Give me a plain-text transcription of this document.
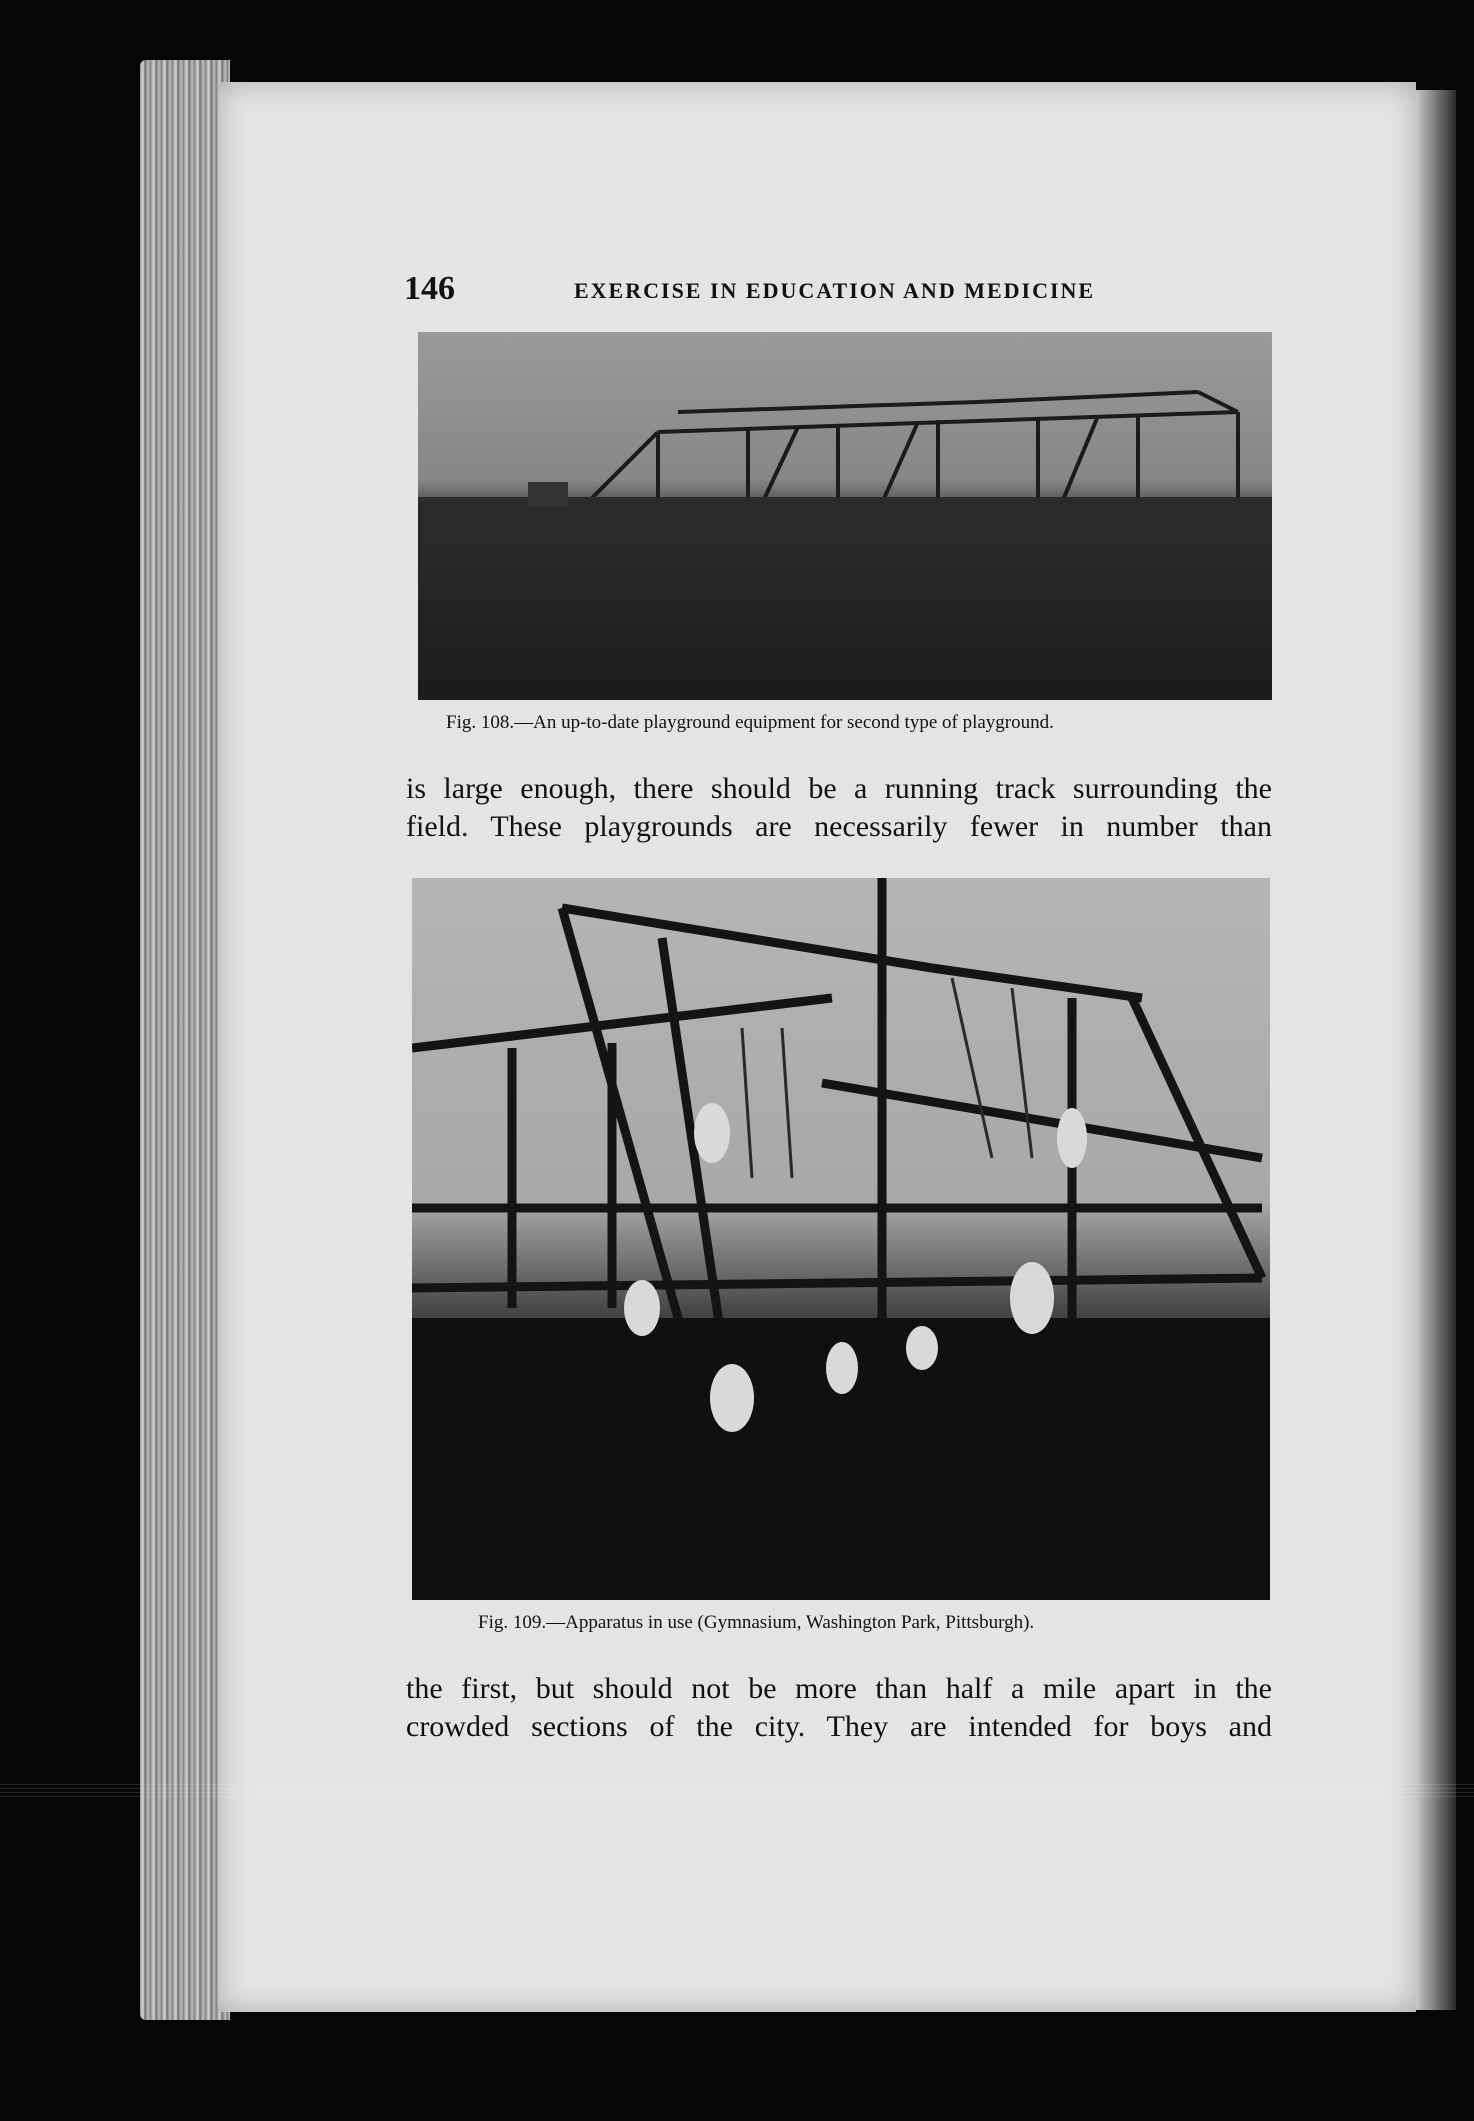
146	EXERCISE IN EDUCATION AND MEDICINE
Fig. 108.—An up-to-date playground equipment for second type of playground.
is large enough, there should be a running track surrounding the
field. These playgrounds are necessarily fewer in number than
Fig. 109.—Apparatus in use (Gymnasium, Washington Park, Pittsburgh).
the first, but should not be more than half a mile apart in the
crowded sections of the city. They are intended for boys and
